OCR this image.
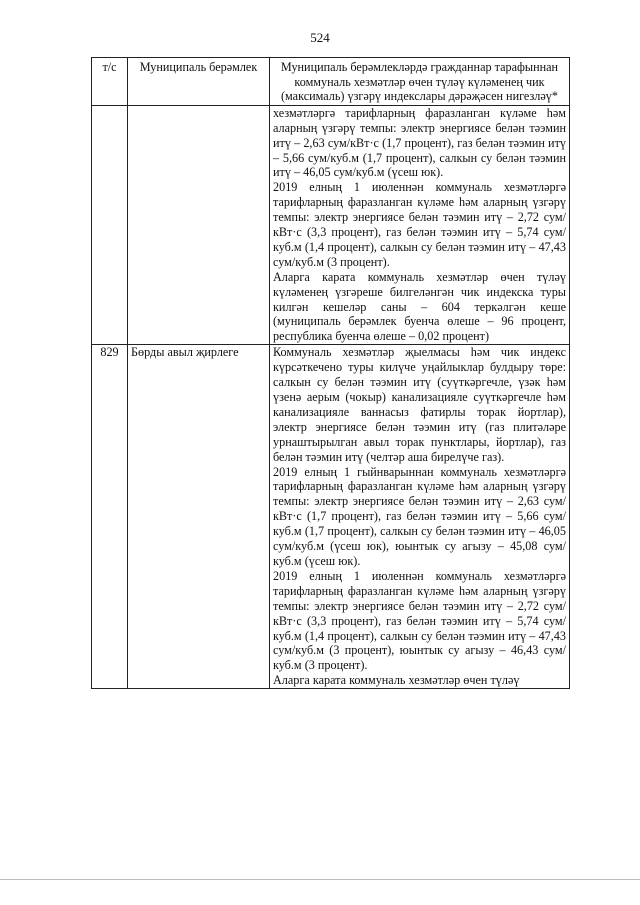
524
т/с	Муниципаль берәмлек	Муниципаль берәмлекләрдә гражданнар тарафыннан коммуналь хезмәтләр өчен түләү күләменең чик (максималь) үзгәрү индекслары дәрәҗәсен нигезләү*

		хезмәтләргә тарифларның фаразланган күләме һәм аларның үзгәрү темпы: электр энергиясе белән тәэмин итү – 2,63 сум/кВт·с (1,7 процент), газ белән тәэмин итү – 5,66 сум/куб.м (1,7 процент), салкын су белән тәэмин итү – 46,05 сум/куб.м (үсеш юк).

2019 елның 1 июленнән коммуналь хезмәтләргә тарифларның фаразланган күләме һәм аларның үзгәрү темпы: электр энергиясе белән тәэмин итү – 2,72 сум/кВт·с (3,3 процент), газ белән тәэмин итү – 5,74 сум/куб.м (1,4 процент), салкын су белән тәэмин итү – 47,43 сум/куб.м (3 процент).

Аларга карата коммуналь хезмәтләр өчен түләү күләменең үзгәреше билгеләнгән чик индекска туры килгән кешеләр саны – 604 теркәлгән кеше (муниципаль берәмлек буенча өлеше – 96 процент, республика буенча өлеше – 0,02 процент)

829	Бөрды авыл җирлеге	Коммуналь хезмәтләр җыелмасы һәм чик индекс күрсәткечено туры килүче уңайлыклар булдыру төре: салкын су белән тәэмин итү (суүткәргечле, үзәк һәм үзенә аерым (чокыр) канализацияле суүткәргечле һәм канализацияле ваннасыз фатирлы торак йортлар), электр энергиясе белән тәэмин итү (газ плитәләре урнаштырылган авыл торак пунктлары, йортлар), газ белән тәэмин итү (челтәр аша бирелүче газ).

2019 елның 1 гыйнварыннан коммуналь хезмәтләргә тарифларның фаразланган күләме һәм аларның үзгәрү темпы: электр энергиясе белән тәэмин итү – 2,63 сум/кВт·с (1,7 процент), газ белән тәэмин итү – 5,66 сум/куб.м (1,7 процент), салкын су белән тәэмин итү – 46,05 сум/куб.м (үсеш юк), юынтык су агызу – 45,08 сум/куб.м (үсеш юк).

2019 елның 1 июленнән коммуналь хезмәтләргә тарифларның фаразланган күләме һәм аларның үзгәрү темпы: электр энергиясе белән тәэмин итү – 2,72 сум/кВт·с (3,3 процент), газ белән тәэмин итү – 5,74 сум/куб.м (1,4 процент), салкын су белән тәэмин итү – 47,43 сум/куб.м (3 процент), юынтык су агызу – 46,43 сум/куб.м (3 процент).

Аларга карата коммуналь хезмәтләр өчен түләү
